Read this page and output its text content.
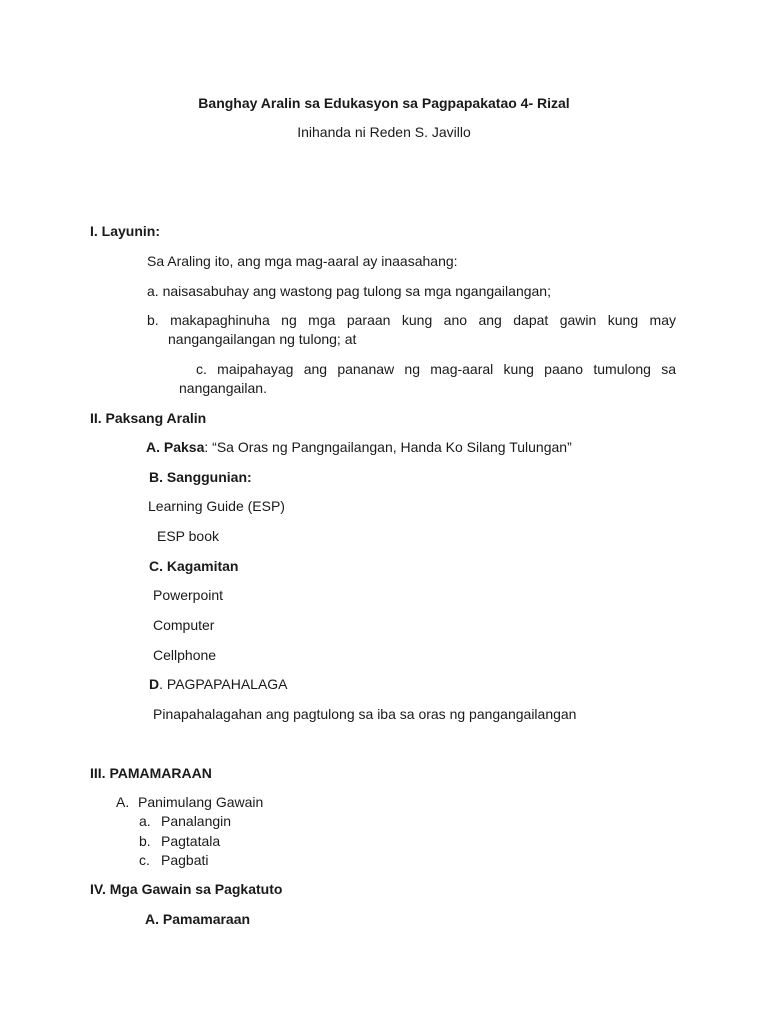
Banghay Aralin sa Edukasyon sa Pagpapakatao 4- Rizal
Inihanda ni Reden S. Javillo
I. Layunin:
Sa Araling ito, ang mga mag-aaral ay inaasahang:
a. naisasabuhay ang wastong pag tulong sa mga ngangailangan;
b. makapaghinuha ng mga paraan kung ano ang dapat gawin kung may
nangangailangan ng tulong; at
c. maipahayag ang pananaw ng mag-aaral kung paano tumulong sa
nangangailan.
II. Paksang Aralin
A. Paksa: “Sa Oras ng Pangngailangan, Handa Ko Silang Tulungan”
B. Sanggunian:
Learning Guide (ESP)
ESP book
C. Kagamitan
Powerpoint
Computer
Cellphone
D. PAGPAPAHALAGA
Pinapahalagahan ang pagtulong sa iba sa oras ng pangangailangan
III. PAMAMARAAN
A. Panimulang Gawain
a. Panalangin
b. Pagtatala
c. Pagbati
IV. Mga Gawain sa Pagkatuto
A. Pamamaraan
